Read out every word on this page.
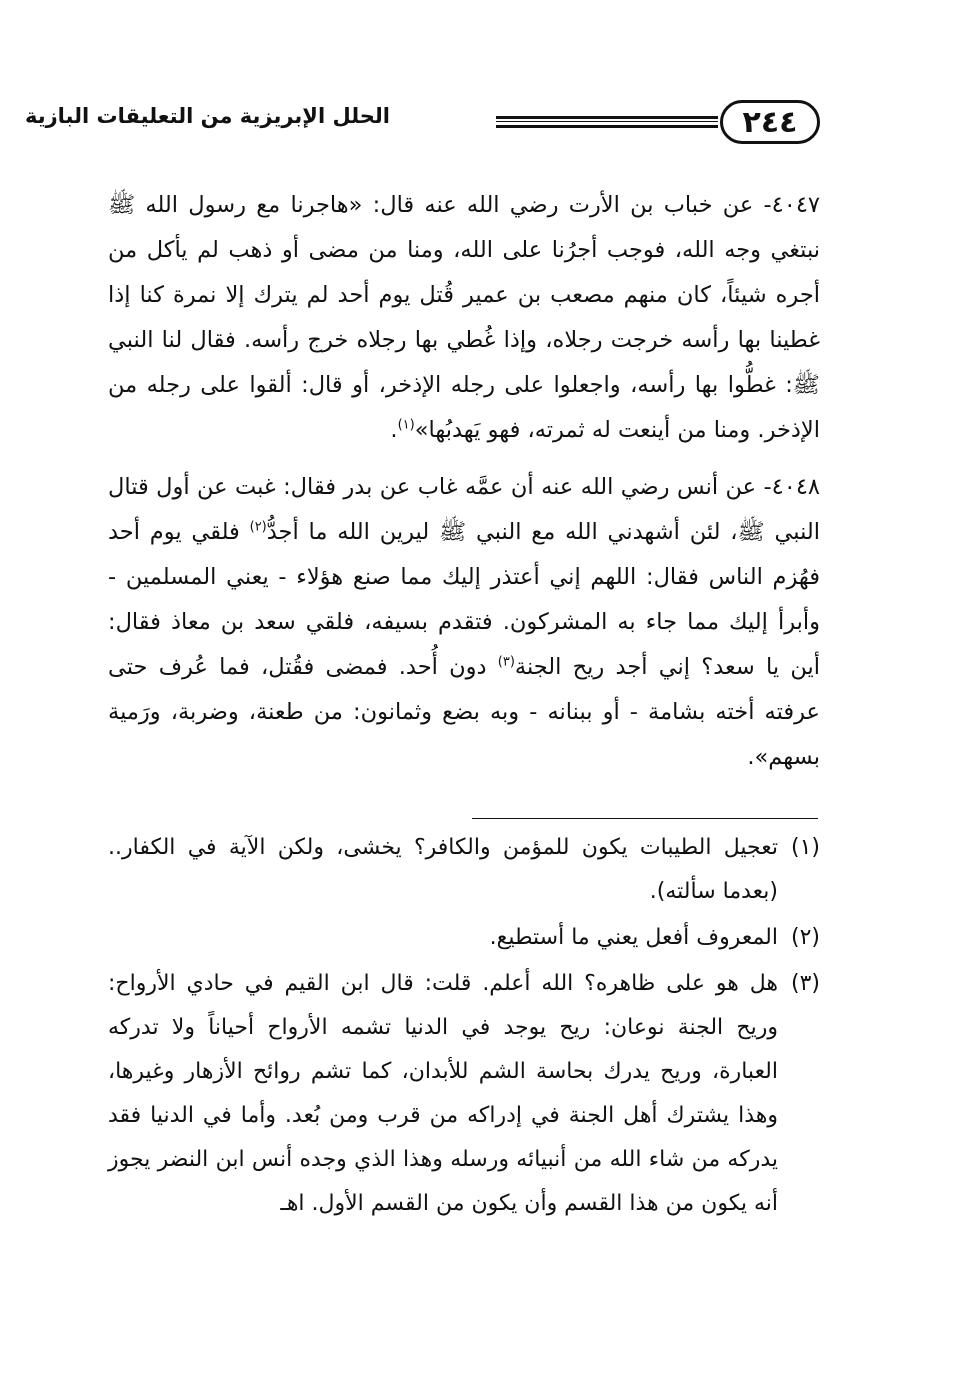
٢٤٤
الحلل الإبريزية من التعليقات البازية

٤٠٤٧- عن خباب بن الأرت رضي الله عنه قال: «هاجرنا مع رسول الله ﷺ نبتغي وجه الله، فوجب أجرُنا على الله، ومنا من مضى أو ذهب لم يأكل من أجره شيئاً، كان منهم مصعب بن عمير قُتل يوم أحد لم يترك إلا نمرة كنا إذا غطينا بها رأسه خرجت رجلاه، وإذا غُطي بها رجلاه خرج رأسه. فقال لنا النبي ﷺ: غطُّوا بها رأسه، واجعلوا على رجله الإذخر، أو قال: ألقوا على رجله من الإذخر. ومنا من أينعت له ثمرته، فهو يَهدبُها»$^{(١)}$.

٤٠٤٨- عن أنس رضي الله عنه أن عمَّه غاب عن بدر فقال: غبت عن أول قتال النبي ﷺ، لئن أشهدني الله مع النبي ﷺ ليرين الله ما أجدُّ$^{(٢)}$ فلقي يوم أحد فهُزم الناس فقال: اللهم إني أعتذر إليك مما صنع هؤلاء - يعني المسلمين - وأبرأ إليك مما جاء به المشركون. فتقدم بسيفه، فلقي سعد بن معاذ فقال: أين يا سعد؟ إني أجد ريح الجنة$^{(٣)}$ دون أُحد. فمضى فقُتل، فما عُرف حتى عرفته أخته بشامة - أو ببنانه - وبه بضع وثمانون: من طعنة، وضربة، ورَمية بسهم».

(١)
تعجيل الطيبات يكون للمؤمن والكافر؟ يخشى، ولكن الآية في الكفار.. (بعدما سألته).
(٢)
المعروف أفعل يعني ما أستطيع.
(٣)
هل هو على ظاهره؟ الله أعلم. قلت: قال ابن القيم في حادي الأرواح: وريح الجنة نوعان: ريح يوجد في الدنيا تشمه الأرواح أحياناً ولا تدركه العبارة، وريح يدرك بحاسة الشم للأبدان، كما تشم روائح الأزهار وغيرها، وهذا يشترك أهل الجنة في إدراكه من قرب ومن بُعد. وأما في الدنيا فقد يدركه من شاء الله من أنبيائه ورسله وهذا الذي وجده أنس ابن النضر يجوز أنه يكون من هذا القسم وأن يكون من القسم الأول. اهـ
